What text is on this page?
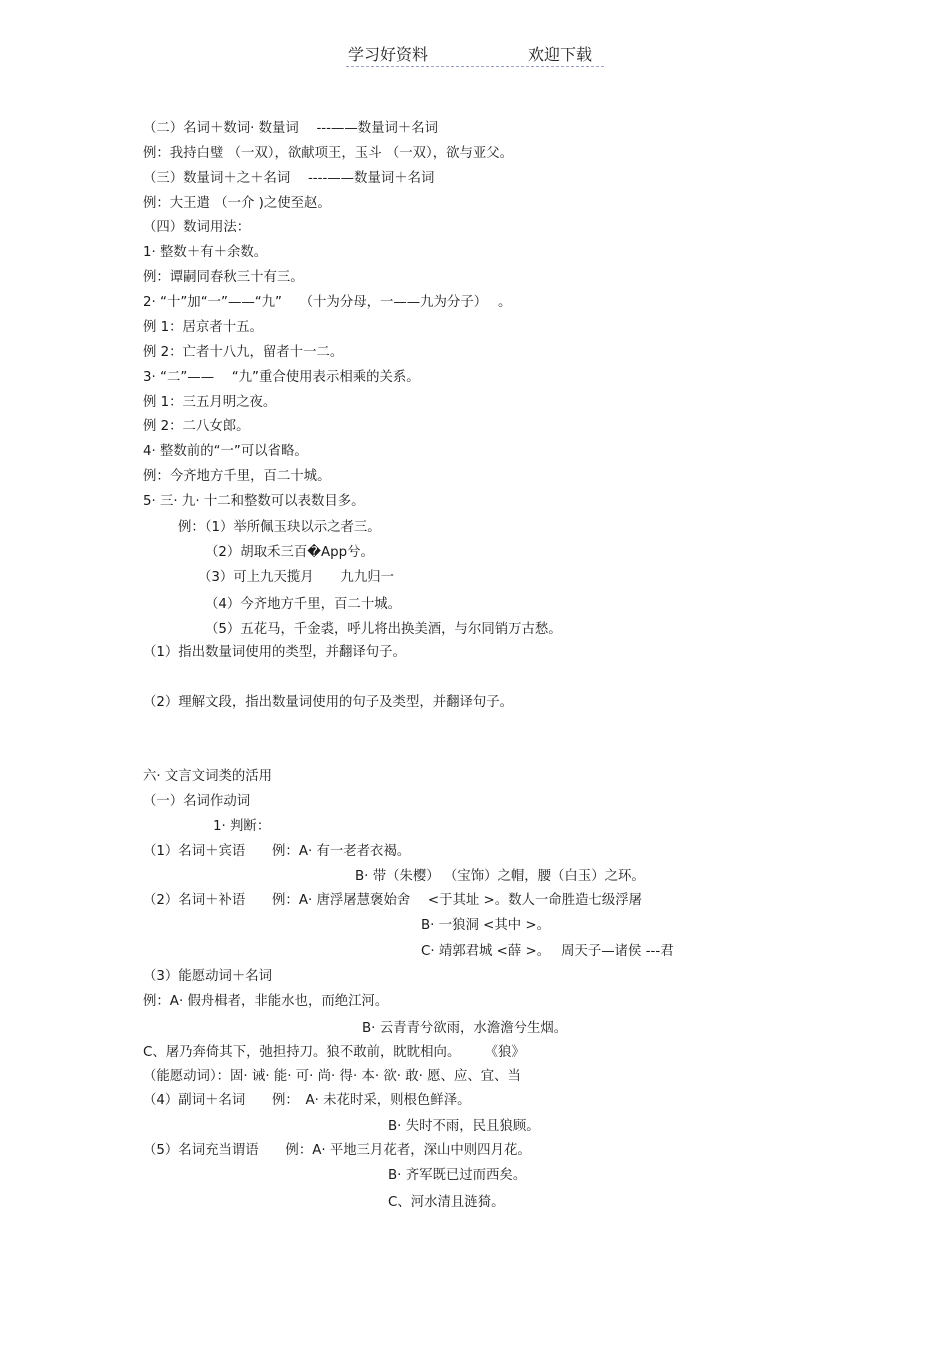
学习好资料	欢迎下载
（二）名词＋数词· 数量词　 ---——数量词＋名词
例：我持白璧 （一双），欲献项王，玉斗 （一双），欲与亚父。
（三）数量词＋之＋名词　 ----——数量词＋名词
例：大王遣 （一介 )之使至赵。
（四）数词用法：
1· 整数＋有＋余数。
例：谭嗣同春秋三十有三。
2· “十”加“一”——“九”　 （十为分母，一——九为分子）　 。
例 1：居京者十五。
例 2：亡者十八九，留者十一二。
3· “二”——　 “九”重合使用表示相乘的关系。
例 1：三五月明之夜。
例 2：二八女郎。
4· 整数前的“一”可以省略。
例：今齐地方千里，百二十城。
5· 三· 九· 十二和整数可以表数目多。
例：（1）举所佩玉玦以示之者三。
（2）胡取禾三百�App兮。
（3）可上九天揽月　　九九归一
（4）今齐地方千里，百二十城。
（5）五花马，千金裘，呼儿将出换美酒，与尔同销万古愁。
（1）指出数量词使用的类型，并翻译句子。
（2）理解文段，指出数量词使用的句子及类型，并翻译句子。
六· 文言文词类的活用
（一）名词作动词
1· 判断：
（1）名词＋宾语　　例：A· 有一老者衣褐。
B· 带（朱樱） （宝饰）之帽，腰（白玉）之环。
（2）名词＋补语　　例：A· 唐浮屠慧褒始舍　 <于其址 >。数人一命胜造七级浮屠
B· 一狼洞 <其中 >。
C· 靖郭君城 <薛 >。　 周天子—诸侯 ---君
（3）能愿动词＋名词
例：A· 假舟楫者，非能水也，而绝江河。
B· 云青青兮欲雨，水澹澹兮生烟。
C、屠乃奔倚其下，弛担持刀。狼不敢前，眈眈相向。　　 《狼》
（能愿动词）：固· 诫· 能· 可· 尚· 得· 本· 欲· 敢· 愿、应、宜、当
（4）副词＋名词　　例：　A· 未花时采，则根色鲜泽。
B· 失时不雨，民且狼顾。
（5）名词充当谓语　　例：A· 平地三月花者，深山中则四月花。
B· 齐军既已过而西矣。
C、河水清且涟猗。
